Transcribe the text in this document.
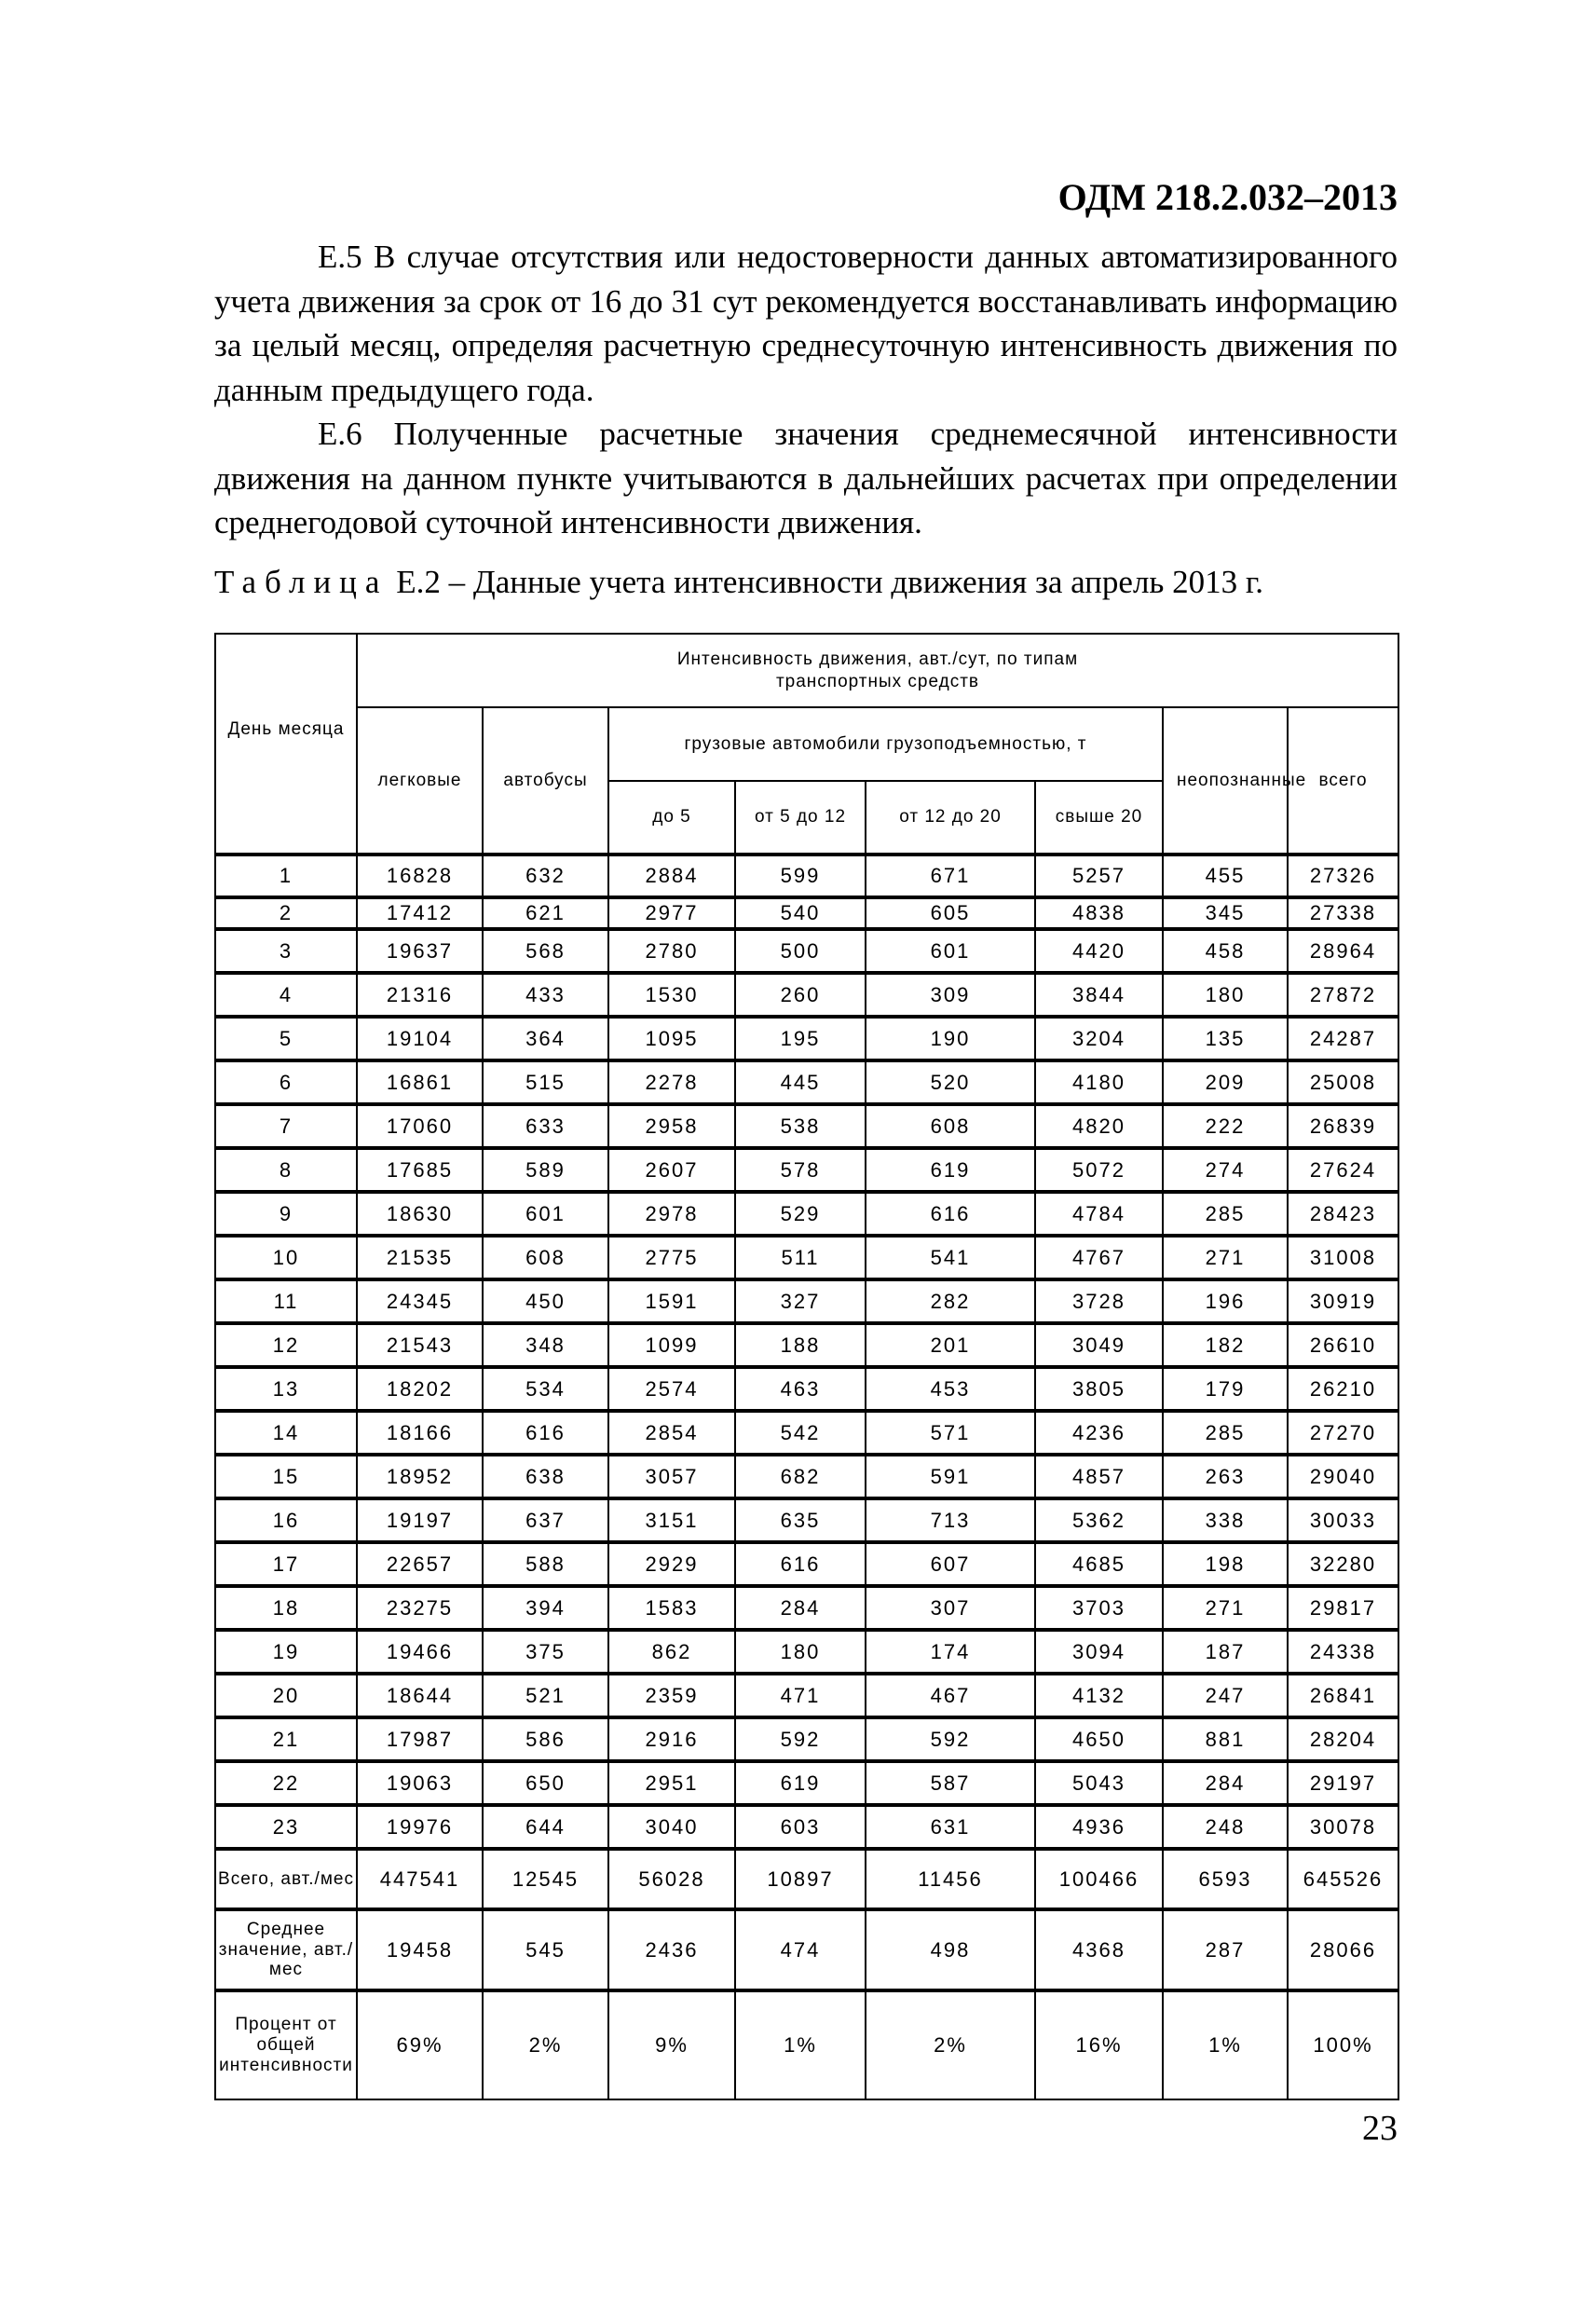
ОДМ 218.2.032–2013

Е.5 В случае отсутствия или недостоверности данных автоматизированного учета движения за срок от 16 до 31 сут рекомендуется восстанавливать информацию за целый месяц, определяя расчетную среднесуточную интенсивность движения по данным предыдущего года.

Е.6 Полученные расчетные значения среднемесячной интенсивности движения на данном пункте учитываются в дальнейших расчетах при определении среднегодовой суточной интенсивности движения.

Таблица Е.2 – Данные учета интенсивности движения за апрель 2013 г.
День месяца	Интенсивность движения, авт./сут, по типам транспортных средств							
	легковые	автобусы	грузовые автомобили грузоподъемностью, т				неопознанные	всего
			до 5	от 5 до 12	от 12 до 20	свыше 20		
1	16828	632	2884	599	671	5257	455	27326
2	17412	621	2977	540	605	4838	345	27338
3	19637	568	2780	500	601	4420	458	28964
4	21316	433	1530	260	309	3844	180	27872
5	19104	364	1095	195	190	3204	135	24287
6	16861	515	2278	445	520	4180	209	25008
7	17060	633	2958	538	608	4820	222	26839
8	17685	589	2607	578	619	5072	274	27624
9	18630	601	2978	529	616	4784	285	28423
10	21535	608	2775	511	541	4767	271	31008
11	24345	450	1591	327	282	3728	196	30919
12	21543	348	1099	188	201	3049	182	26610
13	18202	534	2574	463	453	3805	179	26210
14	18166	616	2854	542	571	4236	285	27270
15	18952	638	3057	682	591	4857	263	29040
16	19197	637	3151	635	713	5362	338	30033
17	22657	588	2929	616	607	4685	198	32280
18	23275	394	1583	284	307	3703	271	29817
19	19466	375	862	180	174	3094	187	24338
20	18644	521	2359	471	467	4132	247	26841
21	17987	586	2916	592	592	4650	881	28204
22	19063	650	2951	619	587	5043	284	29197
23	19976	644	3040	603	631	4936	248	30078
Всего, авт./мес	447541	12545	56028	10897	11456	100466	6593	645526
Среднее значение, авт./мес	19458	545	2436	474	498	4368	287	28066
Процент от общей интенсивности	69%	2%	9%	1%	2%	16%	1%	100%
23
